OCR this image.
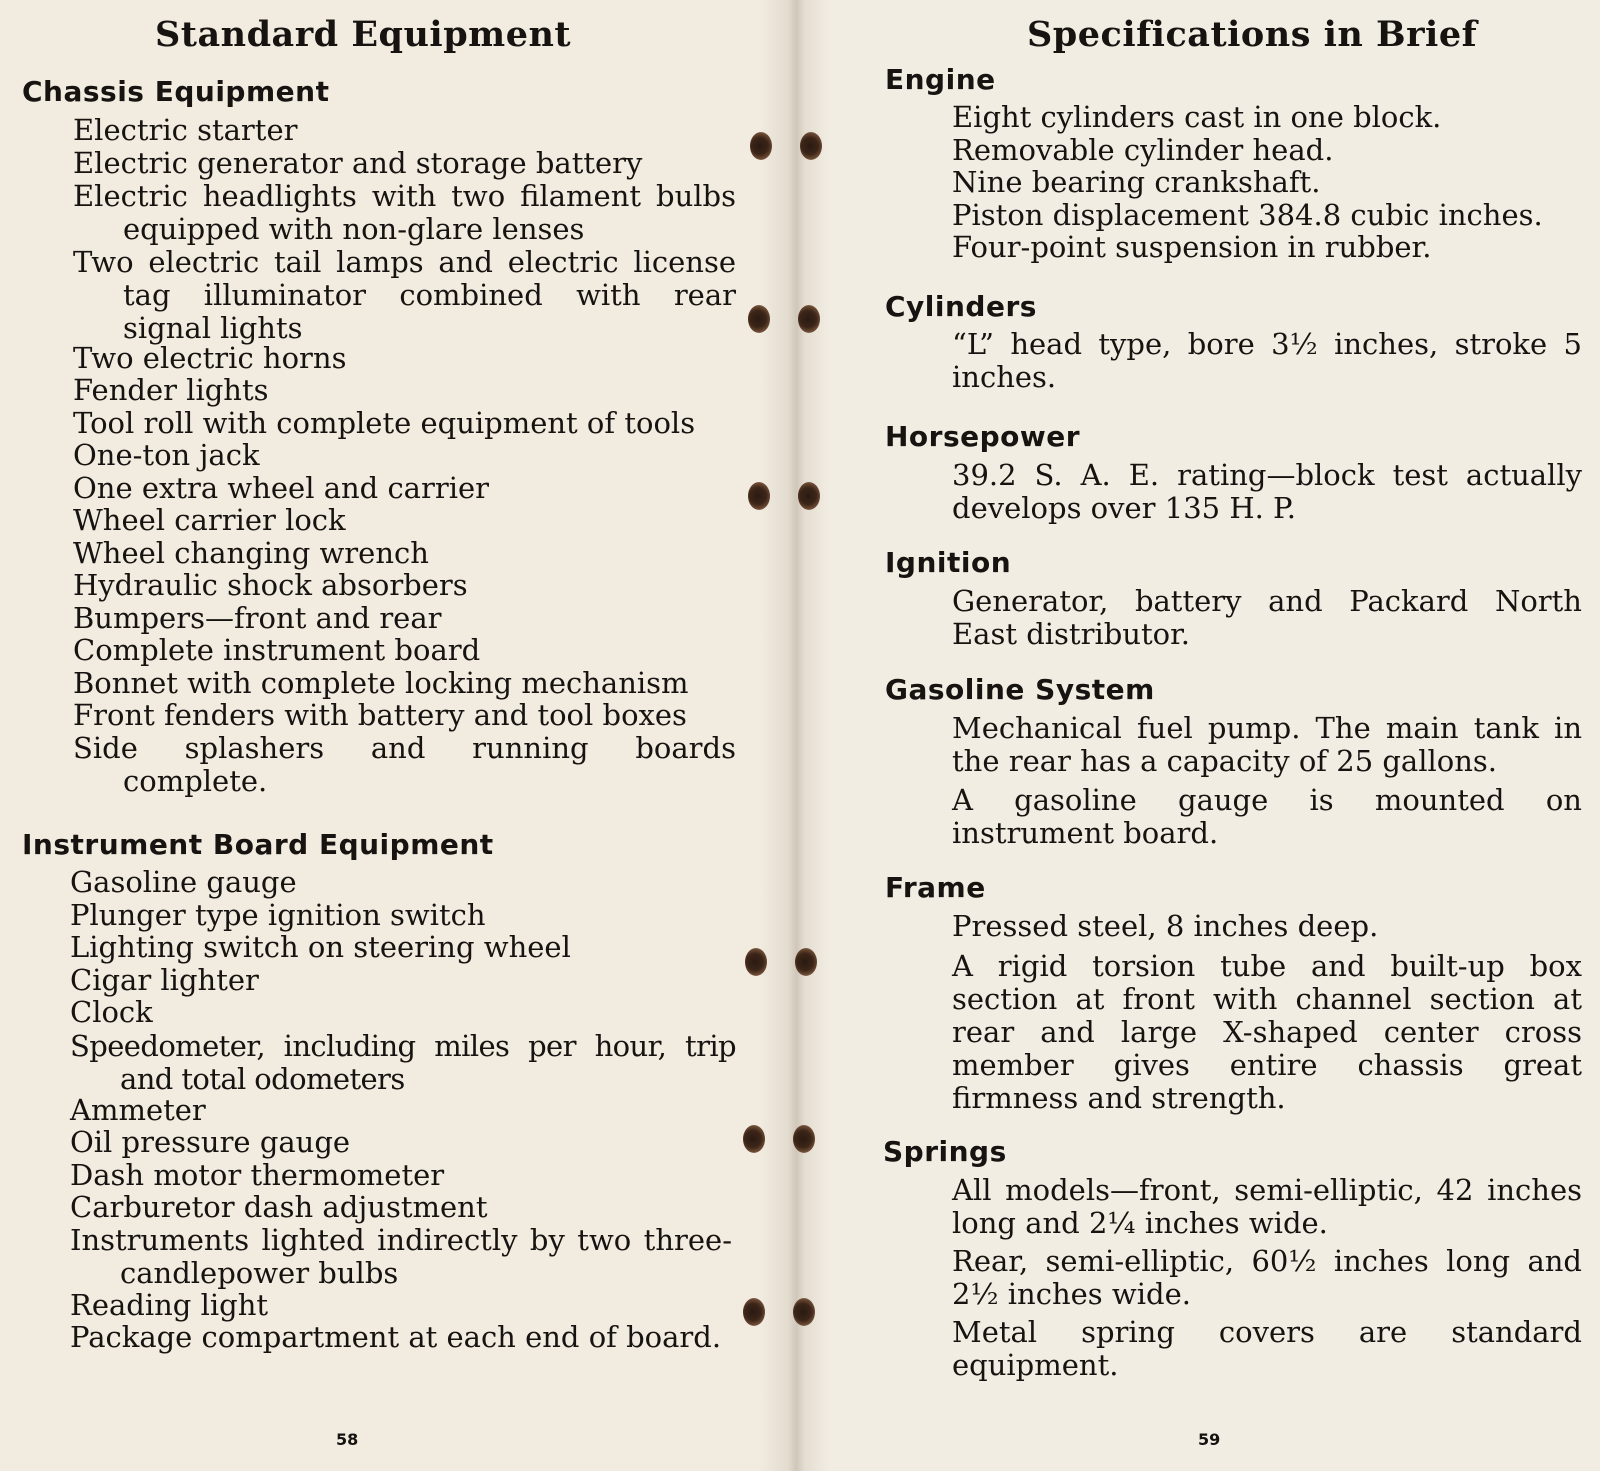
Standard Equipment
Chassis Equipment
Electric starter
Electric generator and storage battery
Electric headlights with two filament bulbs equipped with non-glare lenses
Two electric tail lamps and electric license tag illuminator combined with rear signal lights
Two electric horns
Fender lights
Tool roll with complete equipment of tools
One-ton jack
One extra wheel and carrier
Wheel carrier lock
Wheel changing wrench
Hydraulic shock absorbers
Bumpers—front and rear
Complete instrument board
Bonnet with complete locking mechanism
Front fenders with battery and tool boxes
Side splashers and running boards complete.
Instrument Board Equipment
Gasoline gauge
Plunger type ignition switch
Lighting switch on steering wheel
Cigar lighter
Clock
Speedometer, including miles per hour, trip and total odometers
Ammeter
Oil pressure gauge
Dash motor thermometer
Carburetor dash adjustment
Instruments lighted indirectly by two three-candlepower bulbs
Reading light
Package compartment at each end of board.
58
Specifications in Brief
Engine
Eight cylinders cast in one block.
Removable cylinder head.
Nine bearing crankshaft.
Piston displacement 384.8 cubic inches.
Four-point suspension in rubber.
Cylinders
“L” head type, bore 3½ inches, stroke 5 inches.
Horsepower
39.2 S. A. E. rating—block test actually develops over 135 H. P.
Ignition
Generator, battery and Packard North East distributor.
Gasoline System
Mechanical fuel pump. The main tank in the rear has a capacity of 25 gallons.
A gasoline gauge is mounted on instrument board.
Frame
Pressed steel, 8 inches deep.
A rigid torsion tube and built-up box section at front with channel section at rear and large X-shaped center cross member gives entire chassis great firmness and strength.
Springs
All models—front, semi-elliptic, 42 inches long and 2¼ inches wide.
Rear, semi-elliptic, 60½ inches long and 2½ inches wide.
Metal spring covers are standard equipment.
59
